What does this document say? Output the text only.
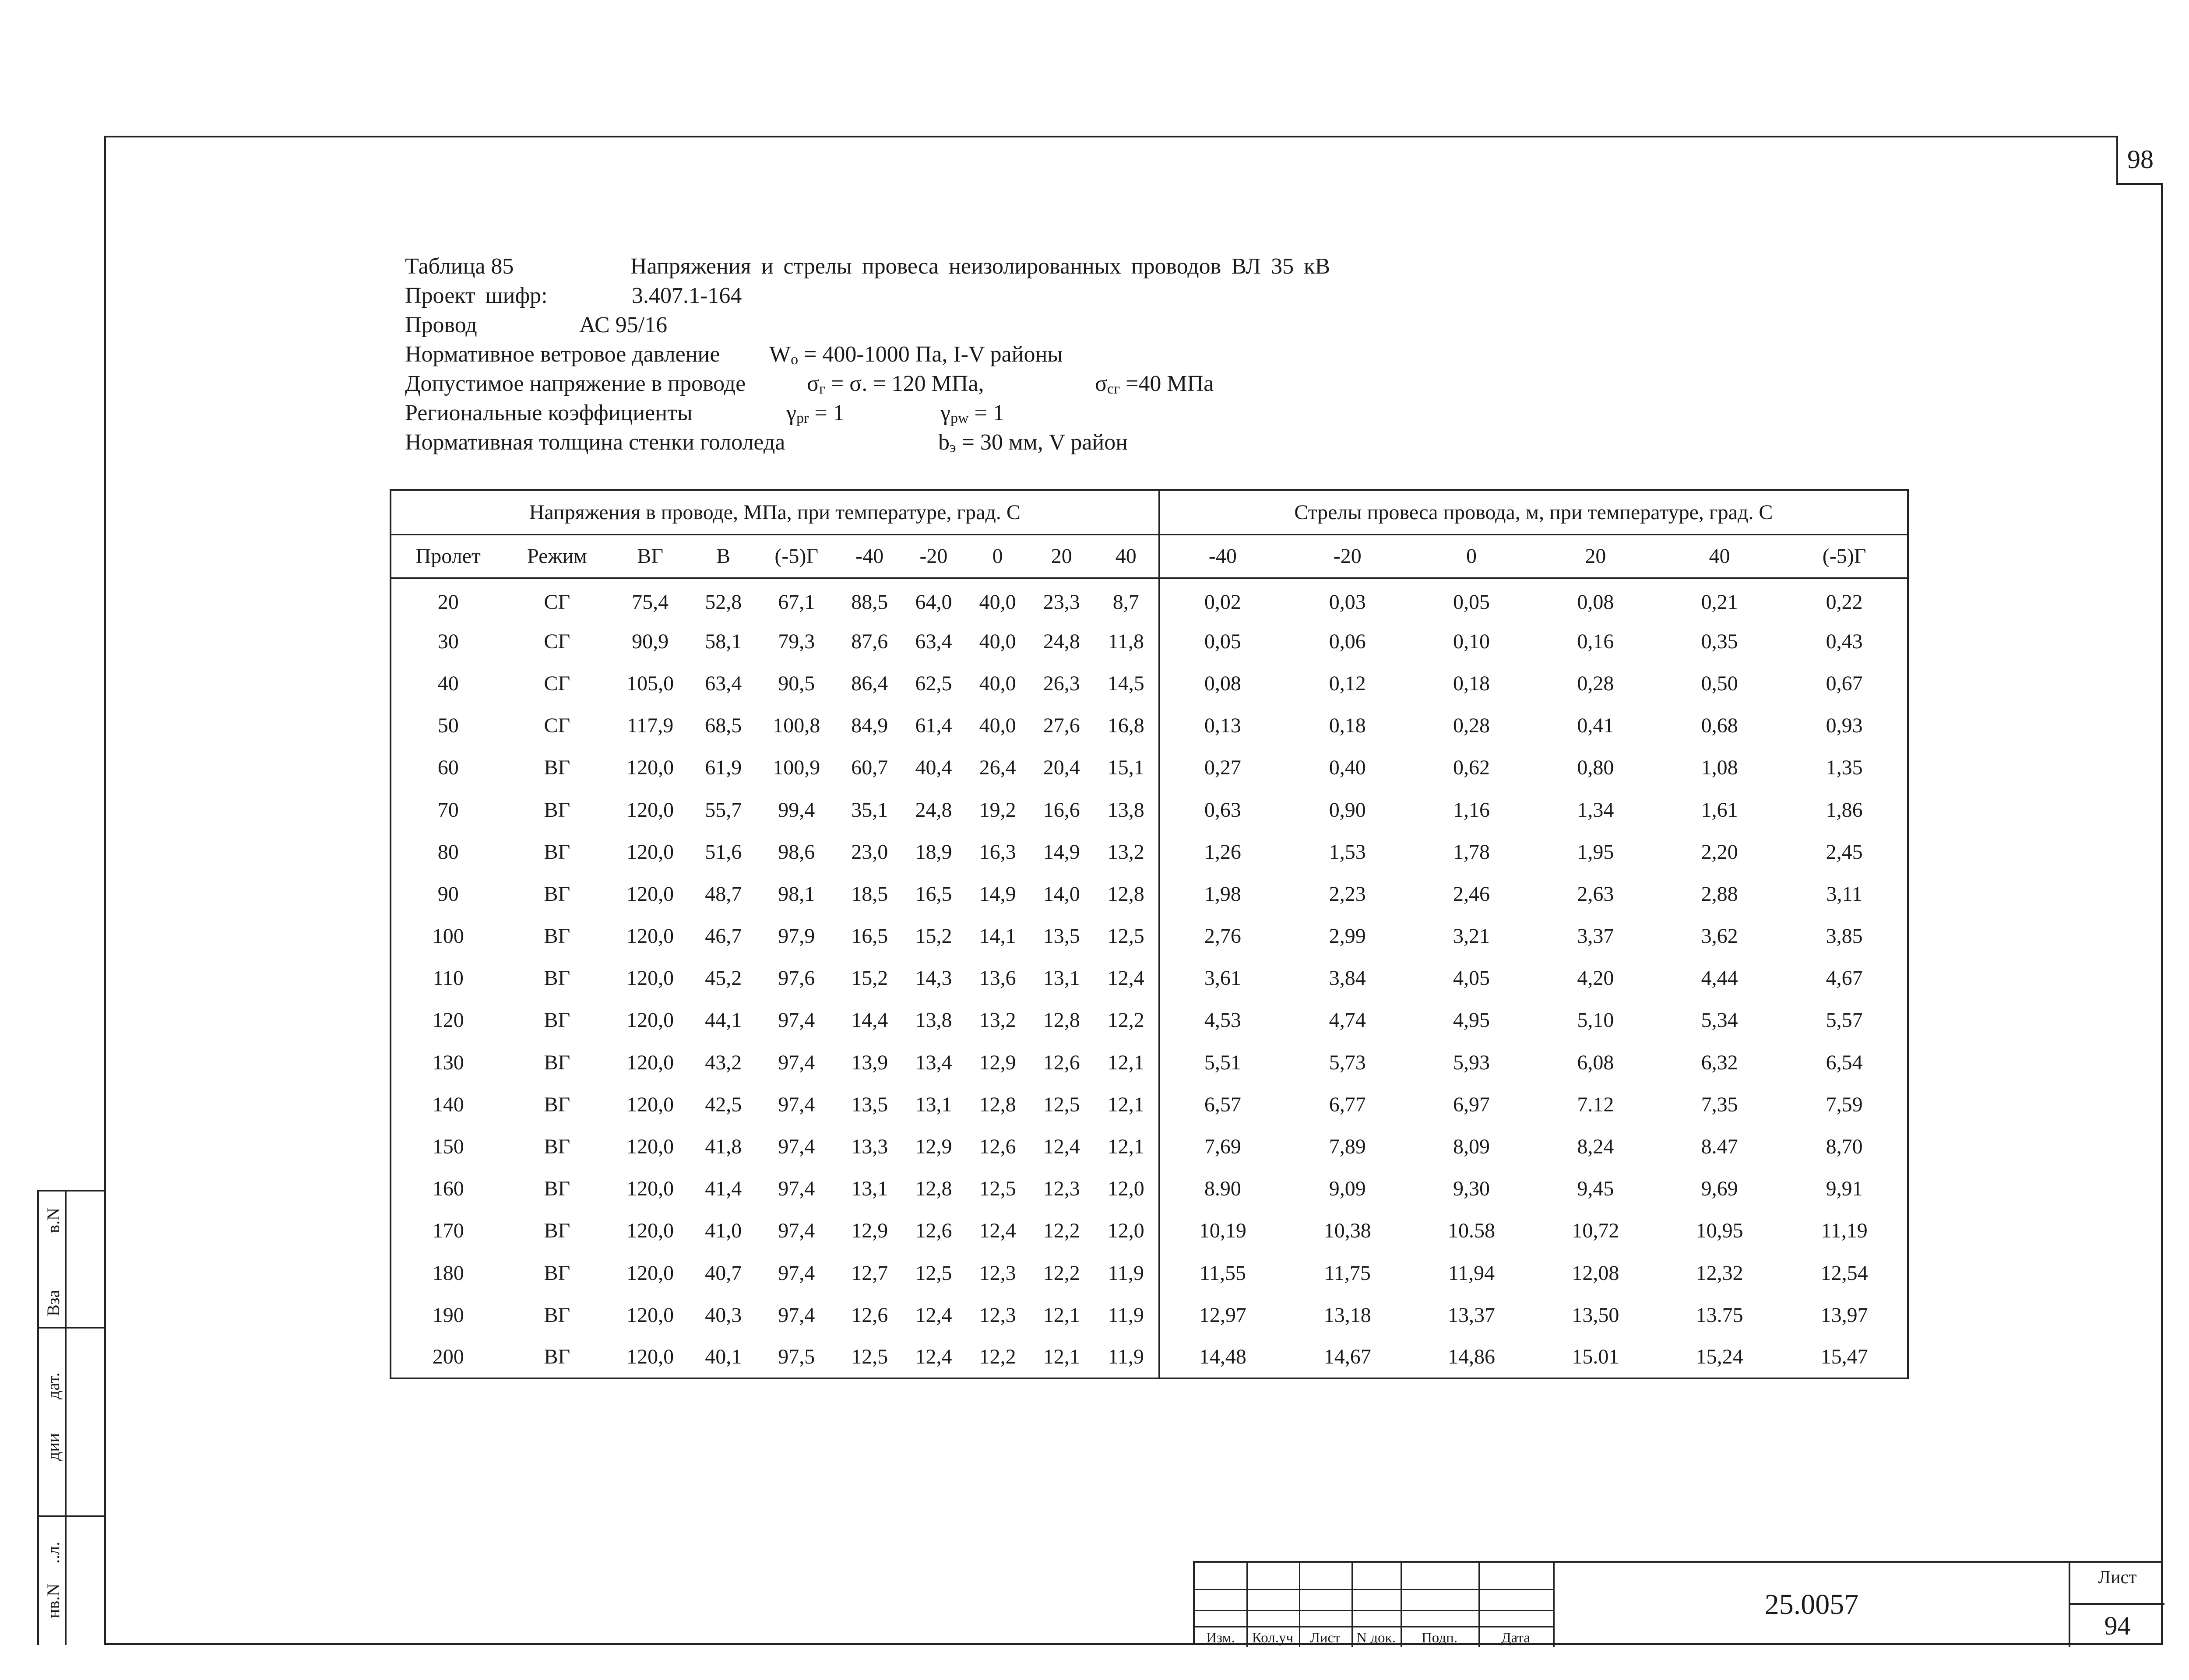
98
Таблица 85	Напряжения и стрелы провеса неизолированных проводов ВЛ 35 кВ
Проект шифр:	3.407.1-164
Провод	АС 95/16
Нормативное ветровое давление $W_о = 400-1000$ Па, I-V районы
Допустимое напряжение в проводе	$\sigma_г = \sigma$. = 120 МПа,	$\sigma_{сг} =40$ МПа
Региональные коэффициенты	$\gamma_{pr} = 1$	$\gamma_{pw} = 1$
Нормативная толщина стенки гололеда	$b_э = 30$ мм, V район
Напряжения в проводе, МПа, при температуре, град. С										Стрелы провеса провода, м, при температуре, град. С					
Пролет	Режим	ВГ	В	(-5)Г	-40	-20	0	20	40	-40	-20	0	20	40	(-5)Г
20	СГ	75,4	52,8	67,1	88,5	64,0	40,0	23,3	8,7	0,02	0,03	0,05	0,08	0,21	0,22
30	СГ	90,9	58,1	79,3	87,6	63,4	40,0	24,8	11,8	0,05	0,06	0,10	0,16	0,35	0,43
40	СГ	105,0	63,4	90,5	86,4	62,5	40,0	26,3	14,5	0,08	0,12	0,18	0,28	0,50	0,67
50	СГ	117,9	68,5	100,8	84,9	61,4	40,0	27,6	16,8	0,13	0,18	0,28	0,41	0,68	0,93
60	ВГ	120,0	61,9	100,9	60,7	40,4	26,4	20,4	15,1	0,27	0,40	0,62	0,80	1,08	1,35
70	ВГ	120,0	55,7	99,4	35,1	24,8	19,2	16,6	13,8	0,63	0,90	1,16	1,34	1,61	1,86
80	ВГ	120,0	51,6	98,6	23,0	18,9	16,3	14,9	13,2	1,26	1,53	1,78	1,95	2,20	2,45
90	ВГ	120,0	48,7	98,1	18,5	16,5	14,9	14,0	12,8	1,98	2,23	2,46	2,63	2,88	3,11
100	ВГ	120,0	46,7	97,9	16,5	15,2	14,1	13,5	12,5	2,76	2,99	3,21	3,37	3,62	3,85
110	ВГ	120,0	45,2	97,6	15,2	14,3	13,6	13,1	12,4	3,61	3,84	4,05	4,20	4,44	4,67
120	ВГ	120,0	44,1	97,4	14,4	13,8	13,2	12,8	12,2	4,53	4,74	4,95	5,10	5,34	5,57
130	ВГ	120,0	43,2	97,4	13,9	13,4	12,9	12,6	12,1	5,51	5,73	5,93	6,08	6,32	6,54
140	ВГ	120,0	42,5	97,4	13,5	13,1	12,8	12,5	12,1	6,57	6,77	6,97	7.12	7,35	7,59
150	ВГ	120,0	41,8	97,4	13,3	12,9	12,6	12,4	12,1	7,69	7,89	8,09	8,24	8.47	8,70
160	ВГ	120,0	41,4	97,4	13,1	12,8	12,5	12,3	12,0	8.90	9,09	9,30	9,45	9,69	9,91
170	ВГ	120,0	41,0	97,4	12,9	12,6	12,4	12,2	12,0	10,19	10,38	10.58	10,72	10,95	11,19
180	ВГ	120,0	40,7	97,4	12,7	12,5	12,3	12,2	11,9	11,55	11,75	11,94	12,08	12,32	12,54
190	ВГ	120,0	40,3	97,4	12,6	12,4	12,3	12,1	11,9	12,97	13,18	13,37	13,50	13.75	13,97
200	ВГ	120,0	40,1	97,5	12,5	12,4	12,2	12,1	11,9	14,48	14,67	14,86	15.01	15,24	15,47
в.N
Вза
дат.
дии
..л.
нв.N
Изм.	Кол.уч	Лист	N док.	Подп.	Дата
25.0057
Лист
94
